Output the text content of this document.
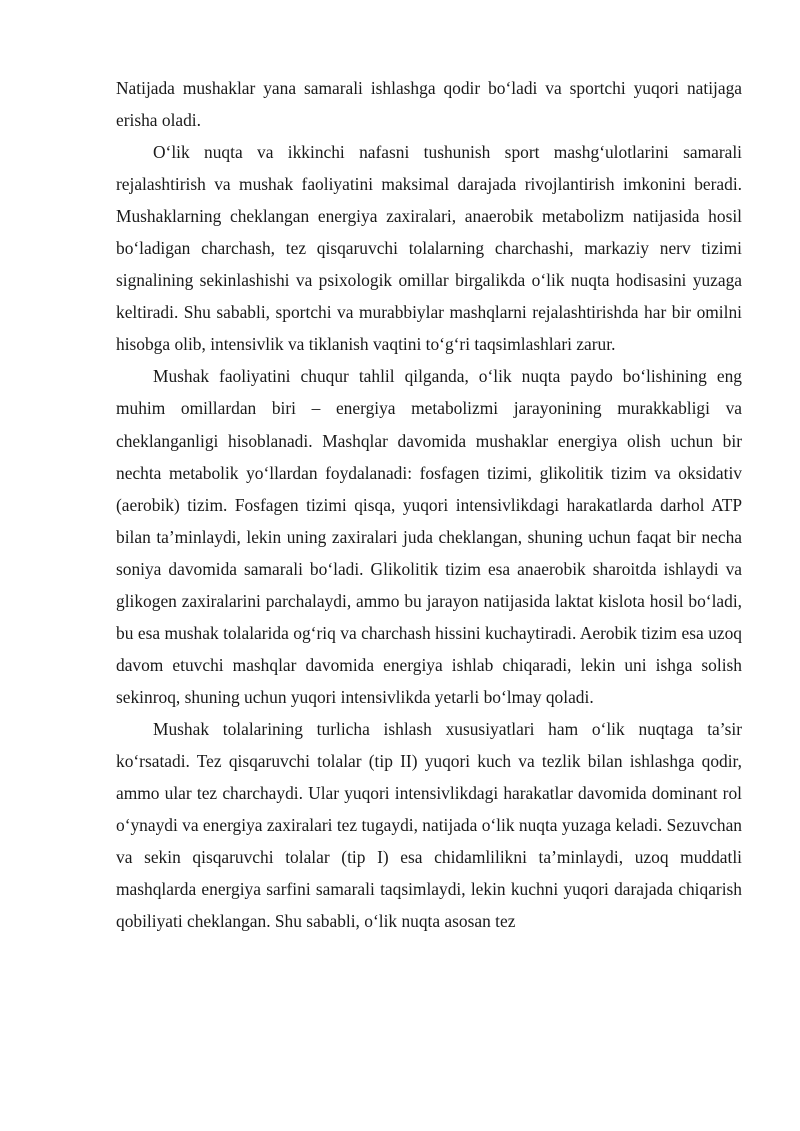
Natijada mushaklar yana samarali ishlashga qodir bo‘ladi va sportchi yuqori natijaga erisha oladi.

O‘lik nuqta va ikkinchi nafasni tushunish sport mashg‘ulotlarini samarali rejalashtirish va mushak faoliyatini maksimal darajada rivojlantirish imkonini beradi. Mushaklarning cheklangan energiya zaxiralari, anaerobik metabolizm natijasida hosil bo‘ladigan charchash, tez qisqaruvchi tolalarning charchashi, markaziy nerv tizimi signalining sekinlashishi va psixologik omillar birgalikda o‘lik nuqta hodisasini yuzaga keltiradi. Shu sababli, sportchi va murabbiylar mashqlarni rejalashtirishda har bir omilni hisobga olib, intensivlik va tiklanish vaqtini to‘g‘ri taqsimlashlari zarur.

Mushak faoliyatini chuqur tahlil qilganda, o‘lik nuqta paydo bo‘lishining eng muhim omillardan biri – energiya metabolizmi jarayonining murakkabligi va cheklanganligi hisoblanadi. Mashqlar davomida mushaklar energiya olish uchun bir nechta metabolik yo‘llardan foydalanadi: fosfagen tizimi, glikolitik tizim va oksidativ (aerobik) tizim. Fosfagen tizimi qisqa, yuqori intensivlikdagi harakatlarda darhol ATP bilan ta’minlaydi, lekin uning zaxiralari juda cheklangan, shuning uchun faqat bir necha soniya davomida samarali bo‘ladi. Glikolitik tizim esa anaerobik sharoitda ishlaydi va glikogen zaxiralarini parchalaydi, ammo bu jarayon natijasida laktat kislota hosil bo‘ladi, bu esa mushak tolalarida og‘riq va charchash hissini kuchaytiradi. Aerobik tizim esa uzoq davom etuvchi mashqlar davomida energiya ishlab chiqaradi, lekin uni ishga solish sekinroq, shuning uchun yuqori intensivlikda yetarli bo‘lmay qoladi.

Mushak tolalarining turlicha ishlash xususiyatlari ham o‘lik nuqtaga ta’sir ko‘rsatadi. Tez qisqaruvchi tolalar (tip II) yuqori kuch va tezlik bilan ishlashga qodir, ammo ular tez charchaydi. Ular yuqori intensivlikdagi harakatlar davomida dominant rol o‘ynaydi va energiya zaxiralari tez tugaydi, natijada o‘lik nuqta yuzaga keladi. Sezuvchan va sekin qisqaruvchi tolalar (tip I) esa chidamlilikni ta’minlaydi, uzoq muddatli mashqlarda energiya sarfini samarali taqsimlaydi, lekin kuchni yuqori darajada chiqarish qobiliyati cheklangan. Shu sababli, o‘lik nuqta asosan tez
